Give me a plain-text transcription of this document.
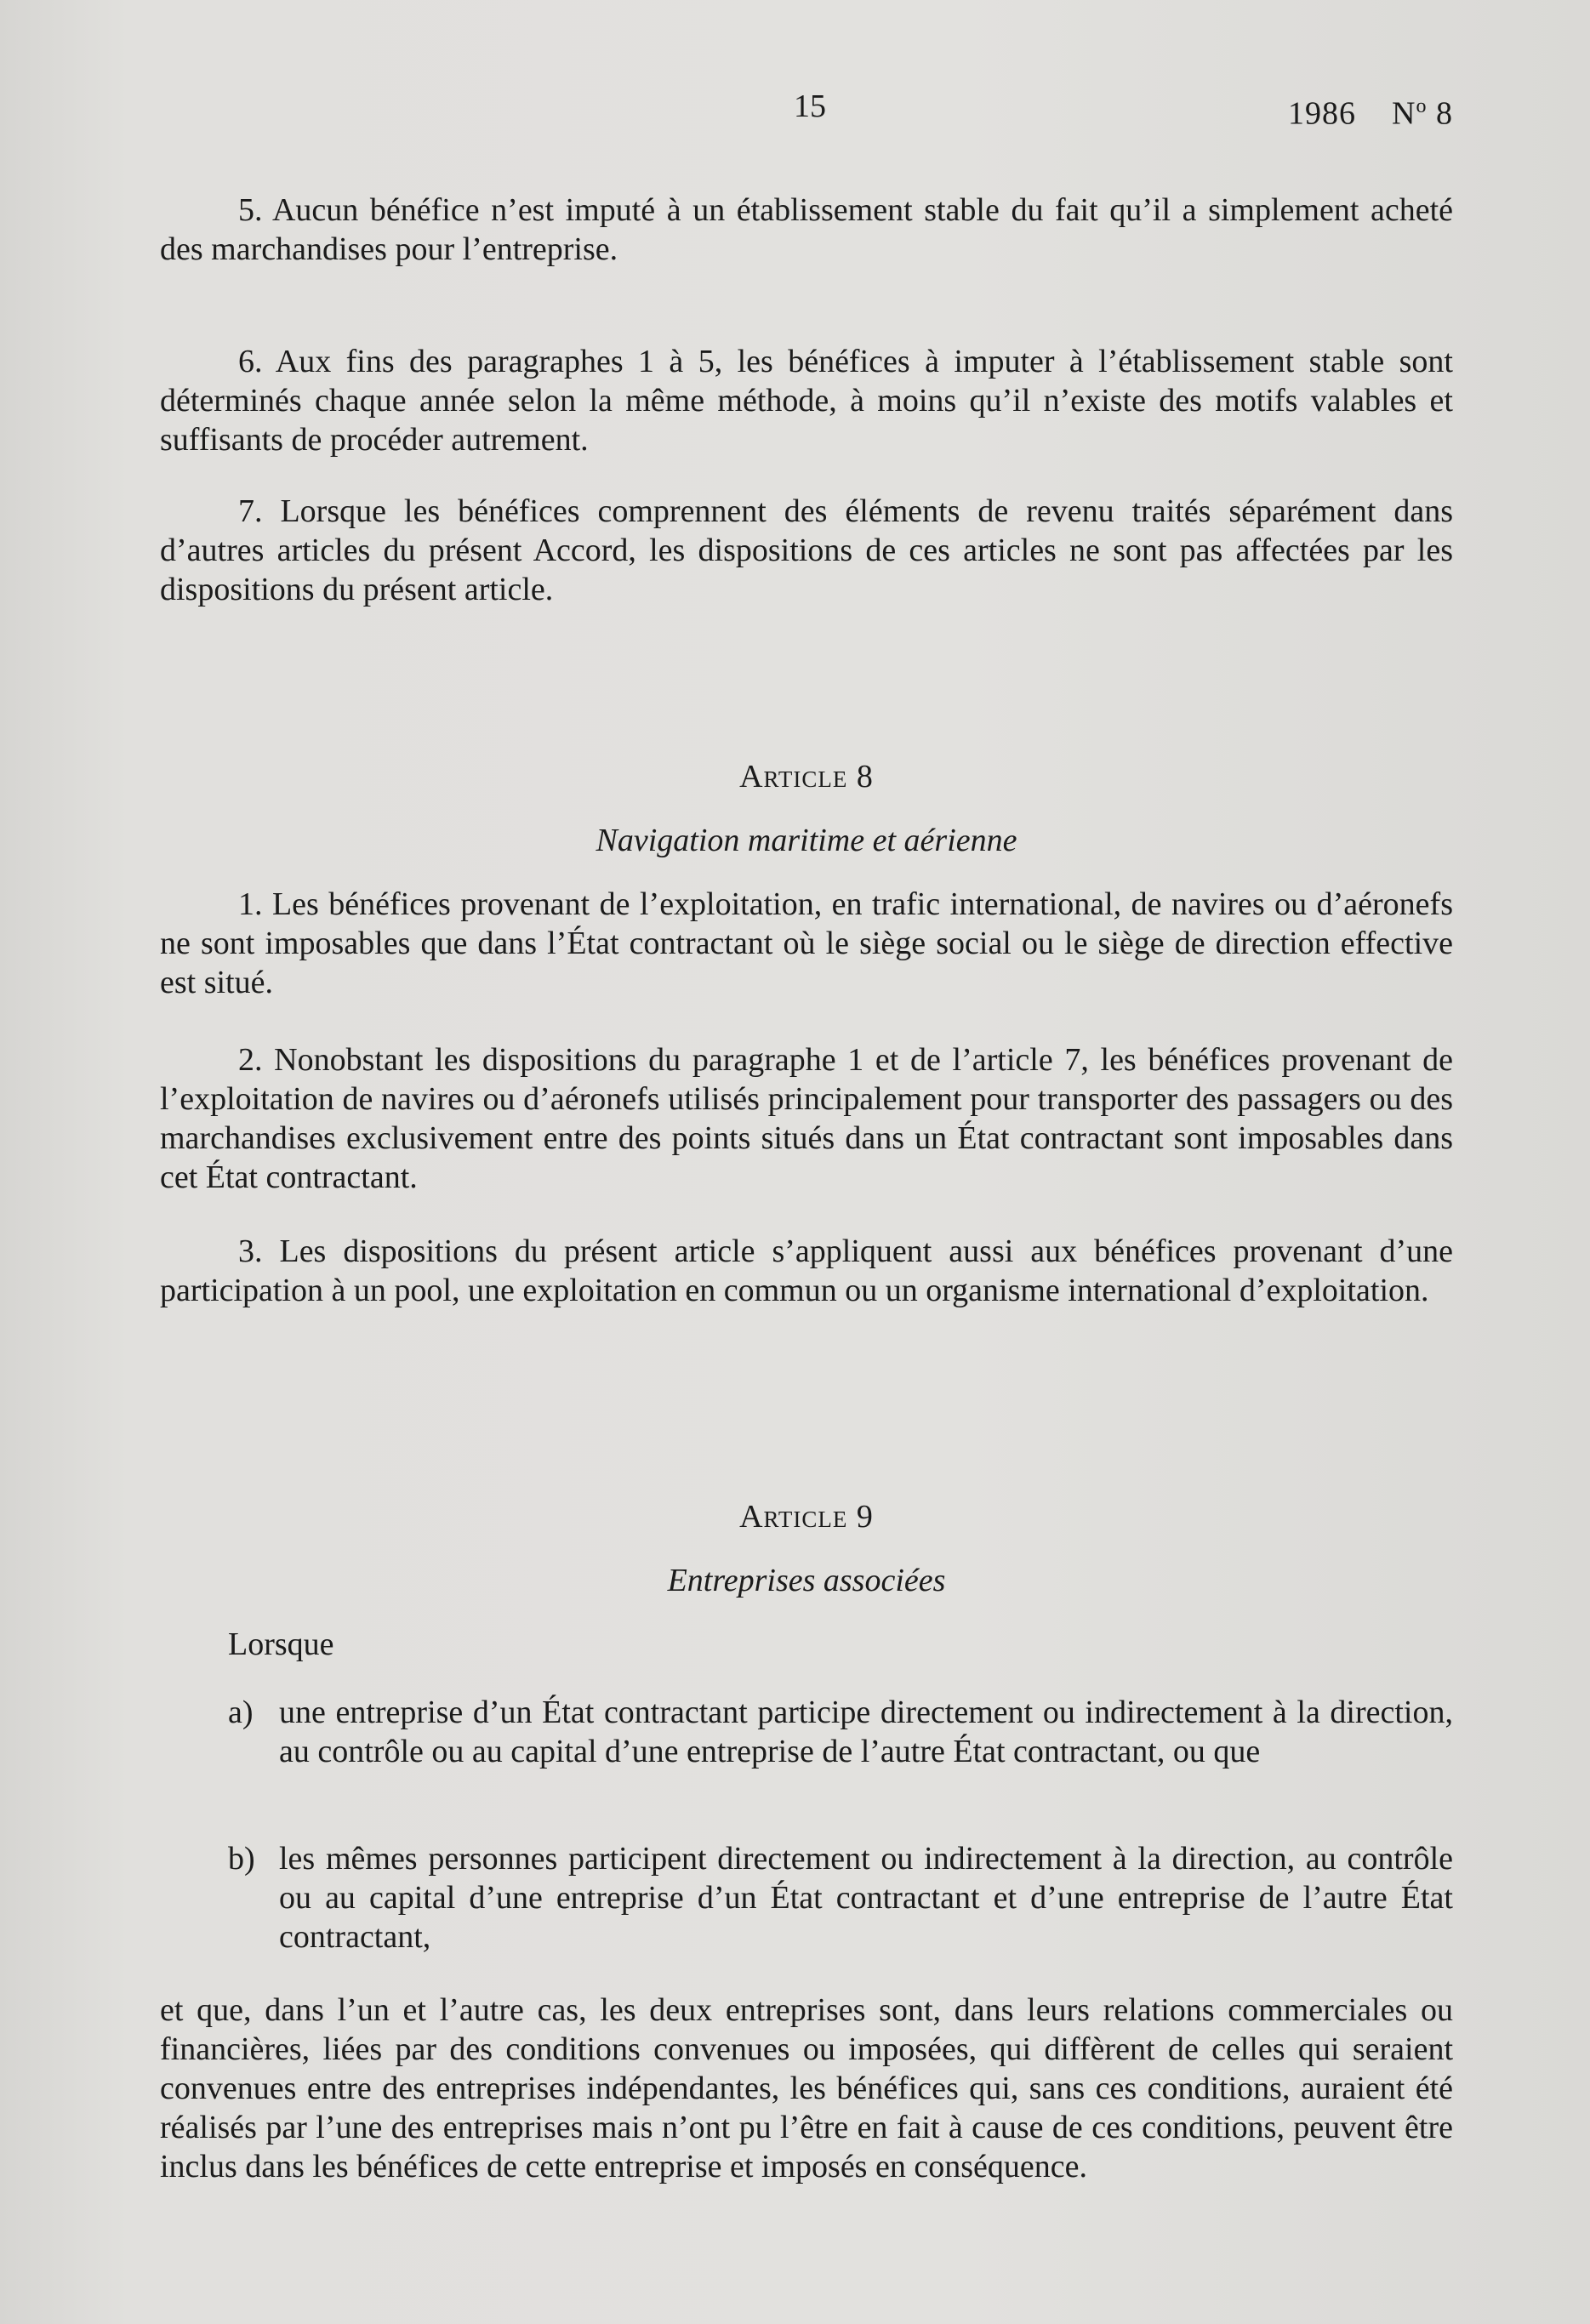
15	1986 $N^o$ 8

5. Aucun bénéfice n’est imputé à un établissement stable du fait qu’il a simplement acheté des marchandises pour l’entreprise.

6. Aux fins des paragraphes 1 à 5, les bénéfices à imputer à l’établissement stable sont déterminés chaque année selon la même méthode, à moins qu’il n’existe des motifs valables et suffisants de procéder autrement.

7. Lorsque les bénéfices comprennent des éléments de revenu traités séparément dans d’autres articles du présent Accord, les dispositions de ces articles ne sont pas affectées par les dispositions du présent article.

Article 8
Navigation maritime et aérienne

1. Les bénéfices provenant de l’exploitation, en trafic international, de navires ou d’aéronefs ne sont imposables que dans l’État contractant où le siège social ou le siège de direction effective est situé.

2. Nonobstant les dispositions du paragraphe 1 et de l’article 7, les bénéfices provenant de l’exploitation de navires ou d’aéronefs utilisés principalement pour transporter des passagers ou des marchandises exclusivement entre des points situés dans un État contractant sont imposables dans cet État contractant.

3. Les dispositions du présent article s’appliquent aussi aux bénéfices provenant d’une participation à un pool, une exploitation en commun ou un organisme international d’exploitation.

Article 9
Entreprises associées
Lorsque
a) une entreprise d’un État contractant participe directement ou indirectement à la direction, au contrôle ou au capital d’une entreprise de l’autre État contractant, ou que

b) les mêmes personnes participent directement ou indirectement à la direction, au contrôle ou au capital d’une entreprise d’un État contractant et d’une entreprise de l’autre État contractant,

et que, dans l’un et l’autre cas, les deux entreprises sont, dans leurs relations commerciales ou financières, liées par des conditions convenues ou imposées, qui diffèrent de celles qui seraient convenues entre des entreprises indépendantes, les bénéfices qui, sans ces conditions, auraient été réalisés par l’une des entreprises mais n’ont pu l’être en fait à cause de ces conditions, peuvent être inclus dans les bénéfices de cette entreprise et imposés en conséquence.
